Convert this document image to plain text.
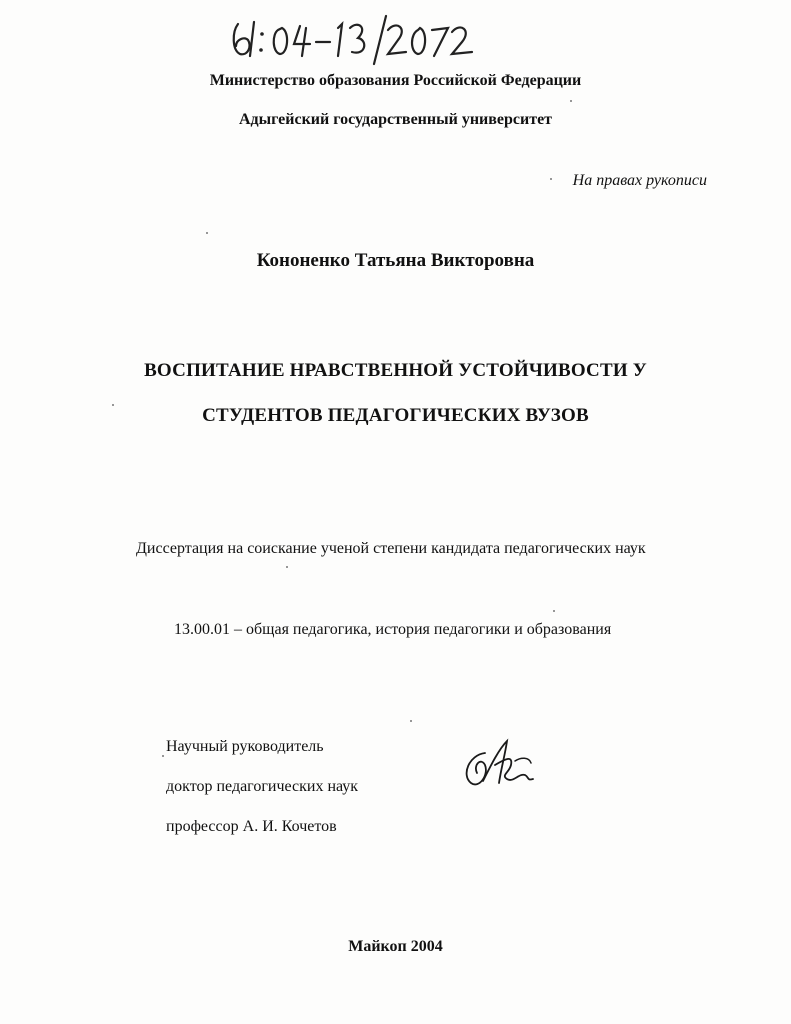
Министерство образования Российской Федерации
Адыгейский государственный университет
На правах рукописи
Кононенко Татьяна Викторовна
ВОСПИТАНИЕ НРАВСТВЕННОЙ УСТОЙЧИВОСТИ У
СТУДЕНТОВ ПЕДАГОГИЧЕСКИХ ВУЗОВ
Диссертация на соискание ученой степени кандидата педагогических наук
13.00.01 – общая педагогика, история педагогики и образования
Научный руководитель
доктор педагогических наук
профессор А. И. Кочетов
Майкоп 2004
